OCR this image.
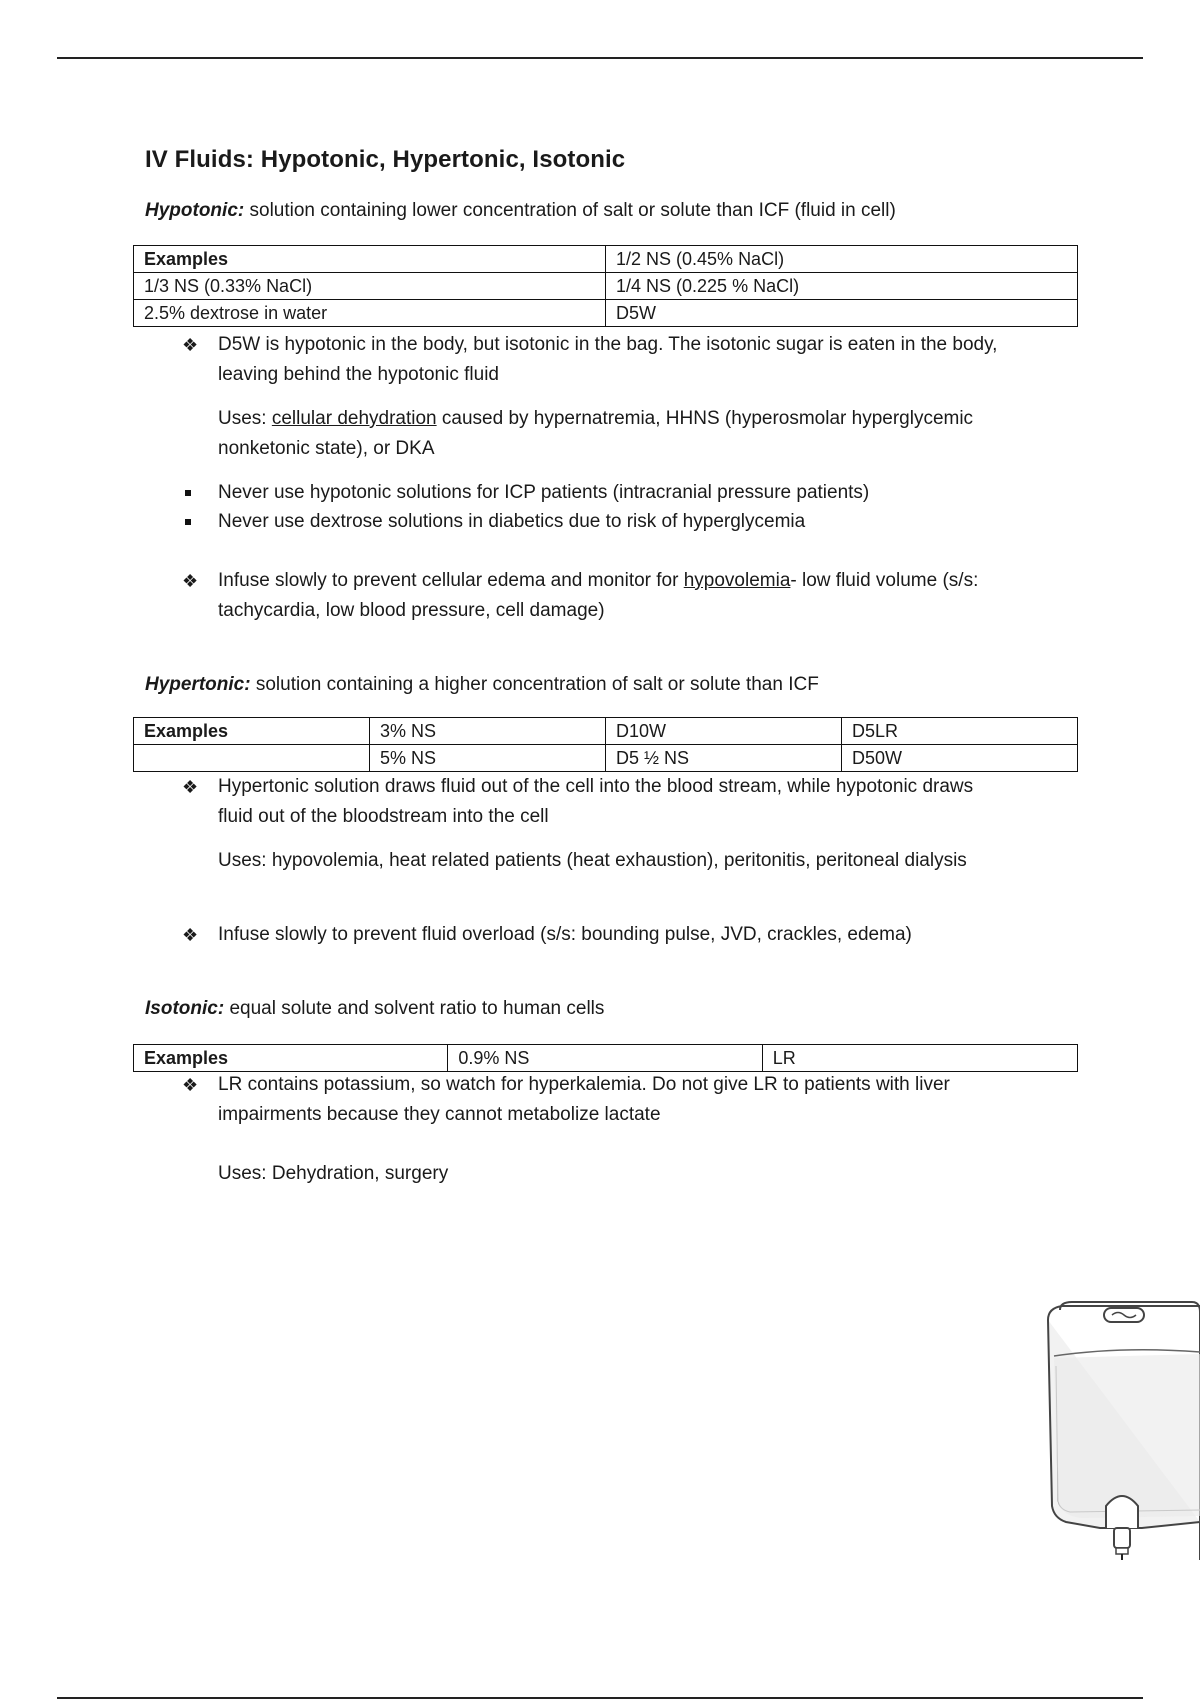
IV Fluids: Hypotonic, Hypertonic, Isotonic

Hypotonic: solution containing lower concentration of salt or solute than ICF (fluid in cell)

Examples	1/2 NS (0.45% NaCl)
1/3 NS (0.33% NaCl)	1/4 NS (0.225 % NaCl)
2.5% dextrose in water	D5W
❖ D5W is hypotonic in the body, but isotonic in the bag. The isotonic sugar is eaten in the body,
leaving behind the hypotonic fluid

Uses: cellular dehydration caused by hypernatremia, HHNS (hyperosmolar hyperglycemic
nonketonic state), or DKA

Never use hypotonic solutions for ICP patients (intracranial pressure patients)

Never use dextrose solutions in diabetics due to risk of hyperglycemia

❖ Infuse slowly to prevent cellular edema and monitor for hypovolemia- low fluid volume (s/s:
tachycardia, low blood pressure, cell damage)

Hypertonic: solution containing a higher concentration of salt or solute than ICF

Examples	3% NS	D10W	D5LR
	5% NS	D5 ½ NS	D50W
❖ Hypertonic solution draws fluid out of the cell into the blood stream, while hypotonic draws
fluid out of the bloodstream into the cell

Uses: hypovolemia, heat related patients (heat exhaustion), peritonitis, peritoneal dialysis

❖ Infuse slowly to prevent fluid overload (s/s: bounding pulse, JVD, crackles, edema)

Isotonic: equal solute and solvent ratio to human cells

Examples	0.9% NS	LR
❖ LR contains potassium, so watch for hyperkalemia. Do not give LR to patients with liver
impairments because they cannot metabolize lactate

Uses: Dehydration, surgery
